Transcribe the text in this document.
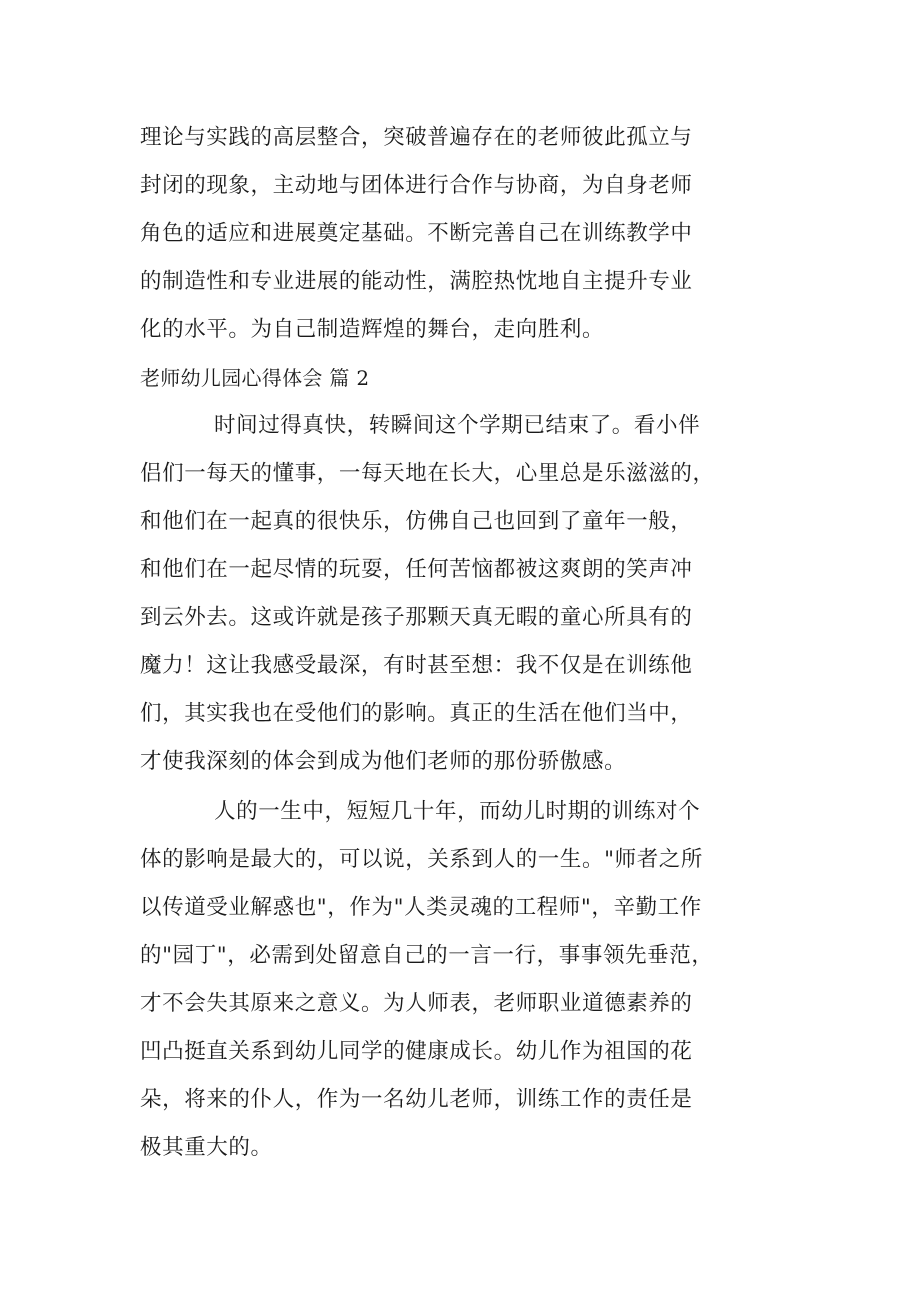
理论与实践的高层整合，突破普遍存在的老师彼此孤立与
封闭的现象，主动地与团体进行合作与协商，为自身老师
角色的适应和进展奠定基础。不断完善自己在训练教学中
的制造性和专业进展的能动性，满腔热忱地自主提升专业
化的水平。为自己制造辉煌的舞台，走向胜利。
老师幼儿园心得体会 篇 2
时间过得真快，转瞬间这个学期已结束了。看小伴
侣们一每天的懂事，一每天地在长大，心里总是乐滋滋的，
和他们在一起真的很快乐，仿佛自己也回到了童年一般，
和他们在一起尽情的玩耍，任何苦恼都被这爽朗的笑声冲
到云外去。这或许就是孩子那颗天真无暇的童心所具有的
魔力！这让我感受最深，有时甚至想：我不仅是在训练他
们，其实我也在受他们的影响。真正的生活在他们当中，
才使我深刻的体会到成为他们老师的那份骄傲感。
人的一生中，短短几十年，而幼儿时期的训练对个
体的影响是最大的，可以说，关系到人的一生。"师者之所
以传道受业解惑也"，作为"人类灵魂的工程师"，辛勤工作
的"园丁"，必需到处留意自己的一言一行，事事领先垂范，
才不会失其原来之意义。为人师表，老师职业道德素养的
凹凸挺直关系到幼儿同学的健康成长。幼儿作为祖国的花
朵，将来的仆人，作为一名幼儿老师，训练工作的责任是
极其重大的。
